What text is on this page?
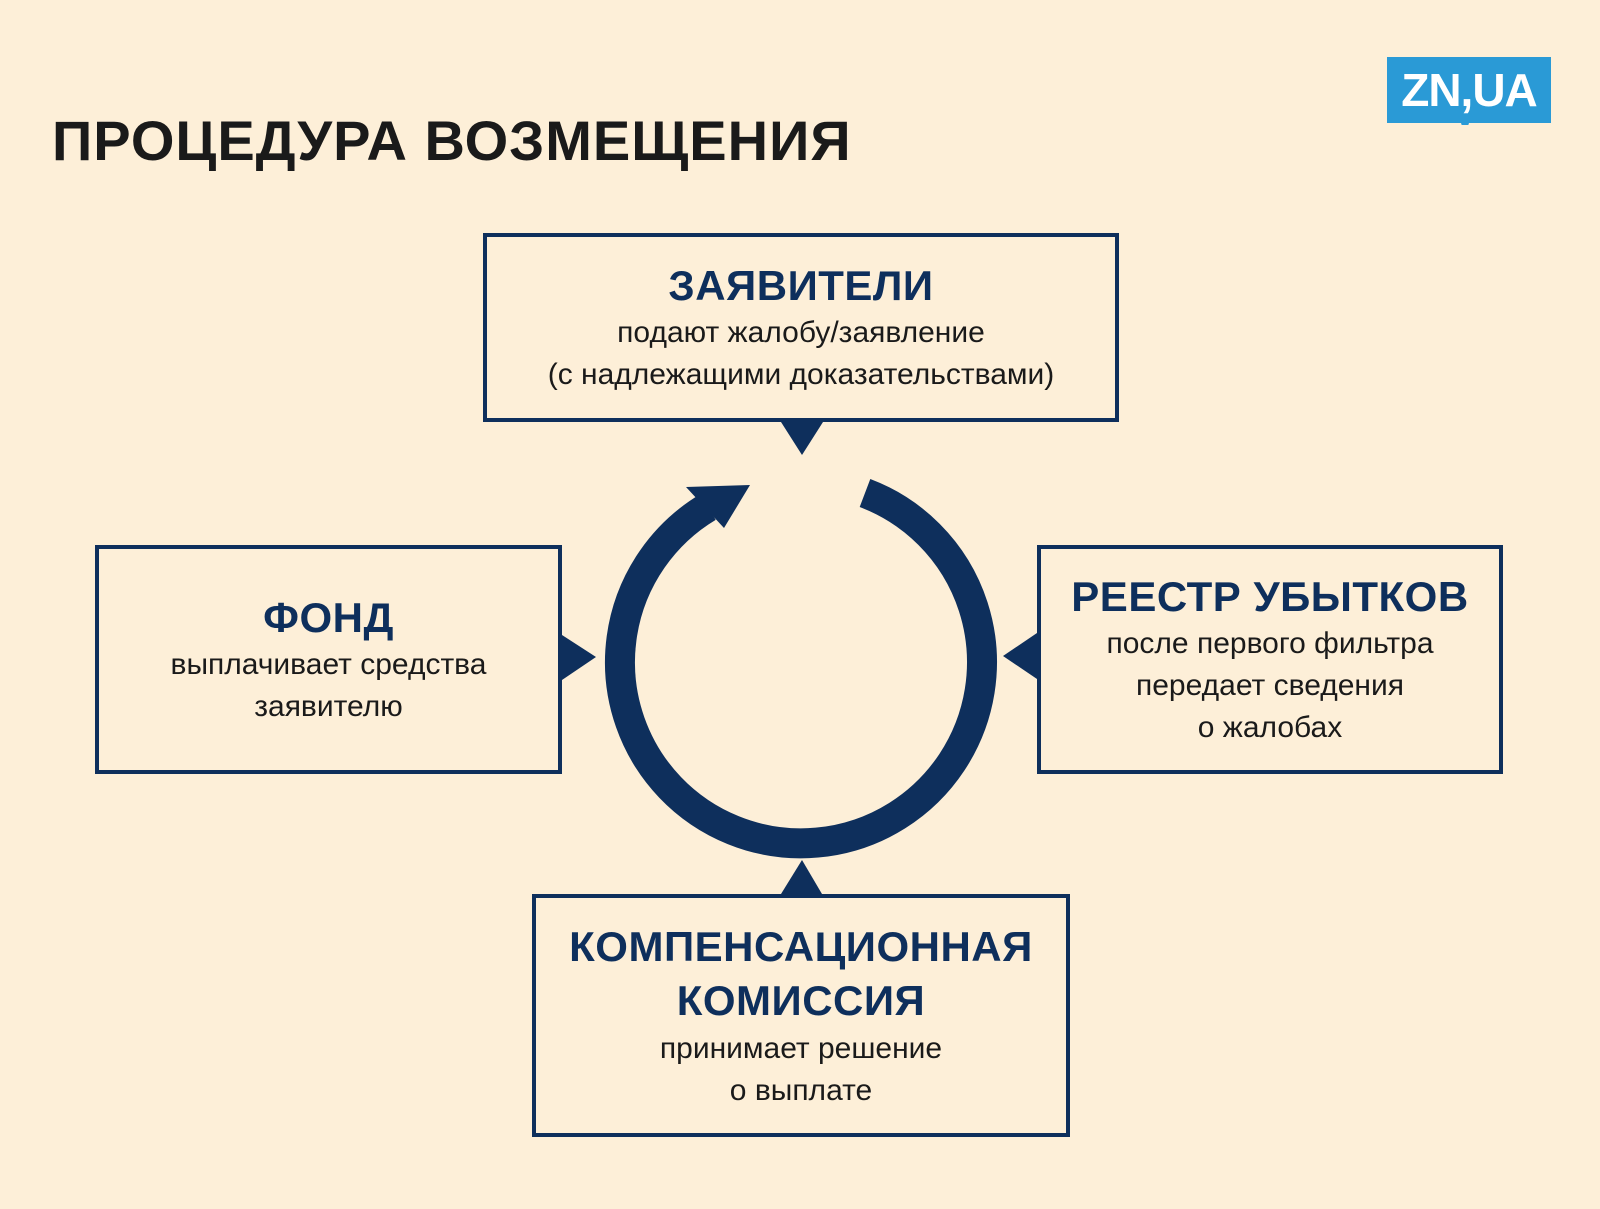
ПРОЦЕДУРА ВОЗМЕЩЕНИЯ
ZN,UA
ЗАЯВИТЕЛИ
подают жалобу/заявление
(с надлежащими доказательствами)
РЕЕСТР УБЫТКОВ
после первого фильтра
передает сведения
о жалобах
ФОНД
выплачивает средства
заявителю
КОМПЕНСАЦИОННАЯ
КОМИССИЯ
принимает решение
о выплате
